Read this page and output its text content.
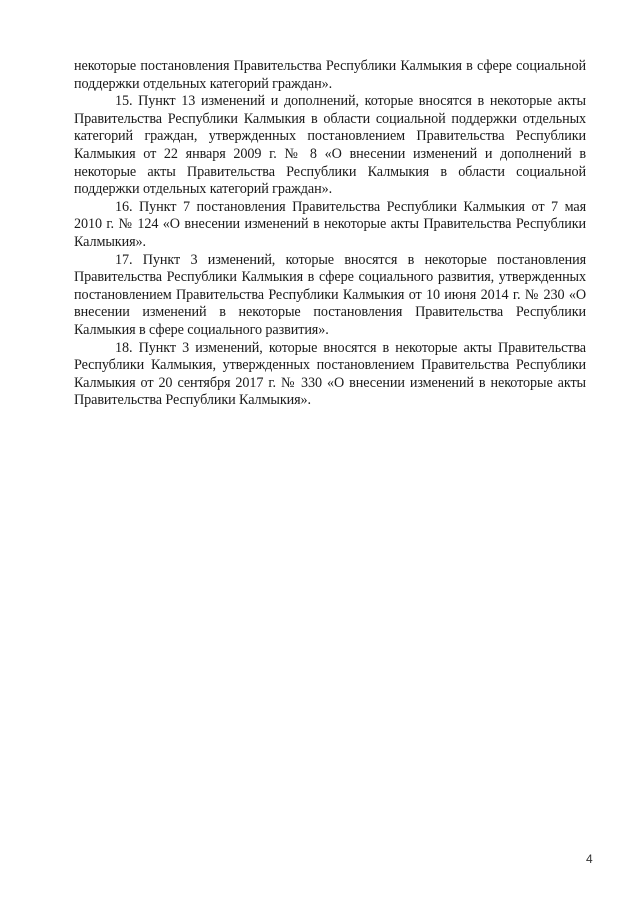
некоторые постановления Правительства Республики Калмыкия в сфере социальной поддержки отдельных категорий граждан».

15. Пункт 13 изменений и дополнений, которые вносятся в некоторые акты Правительства Республики Калмыкия в области социальной поддержки отдельных категорий граждан, утвержденных постановлением Правительства Республики Калмыкия от 22 января 2009 г. № 8 «О внесении изменений и дополнений в некоторые акты Правительства Республики Калмыкия в области социальной поддержки отдельных категорий граждан».

16. Пункт 7 постановления Правительства Республики Калмыкия от 7 мая 2010 г. № 124 «О внесении изменений в некоторые акты Правительства Республики Калмыкия».

17. Пункт 3 изменений, которые вносятся в некоторые постановления Правительства Республики Калмыкия в сфере социального развития, утвержденных постановлением Правительства Республики Калмыкия от 10 июня 2014 г. № 230 «О внесении изменений в некоторые постановления Правительства Республики Калмыкия в сфере социального развития».

18. Пункт 3 изменений, которые вносятся в некоторые акты Правительства Республики Калмыкия, утвержденных постановлением Правительства Республики Калмыкия от 20 сентября 2017 г. № 330 «О внесении изменений в некоторые акты Правительства Республики Калмыкия».

4
